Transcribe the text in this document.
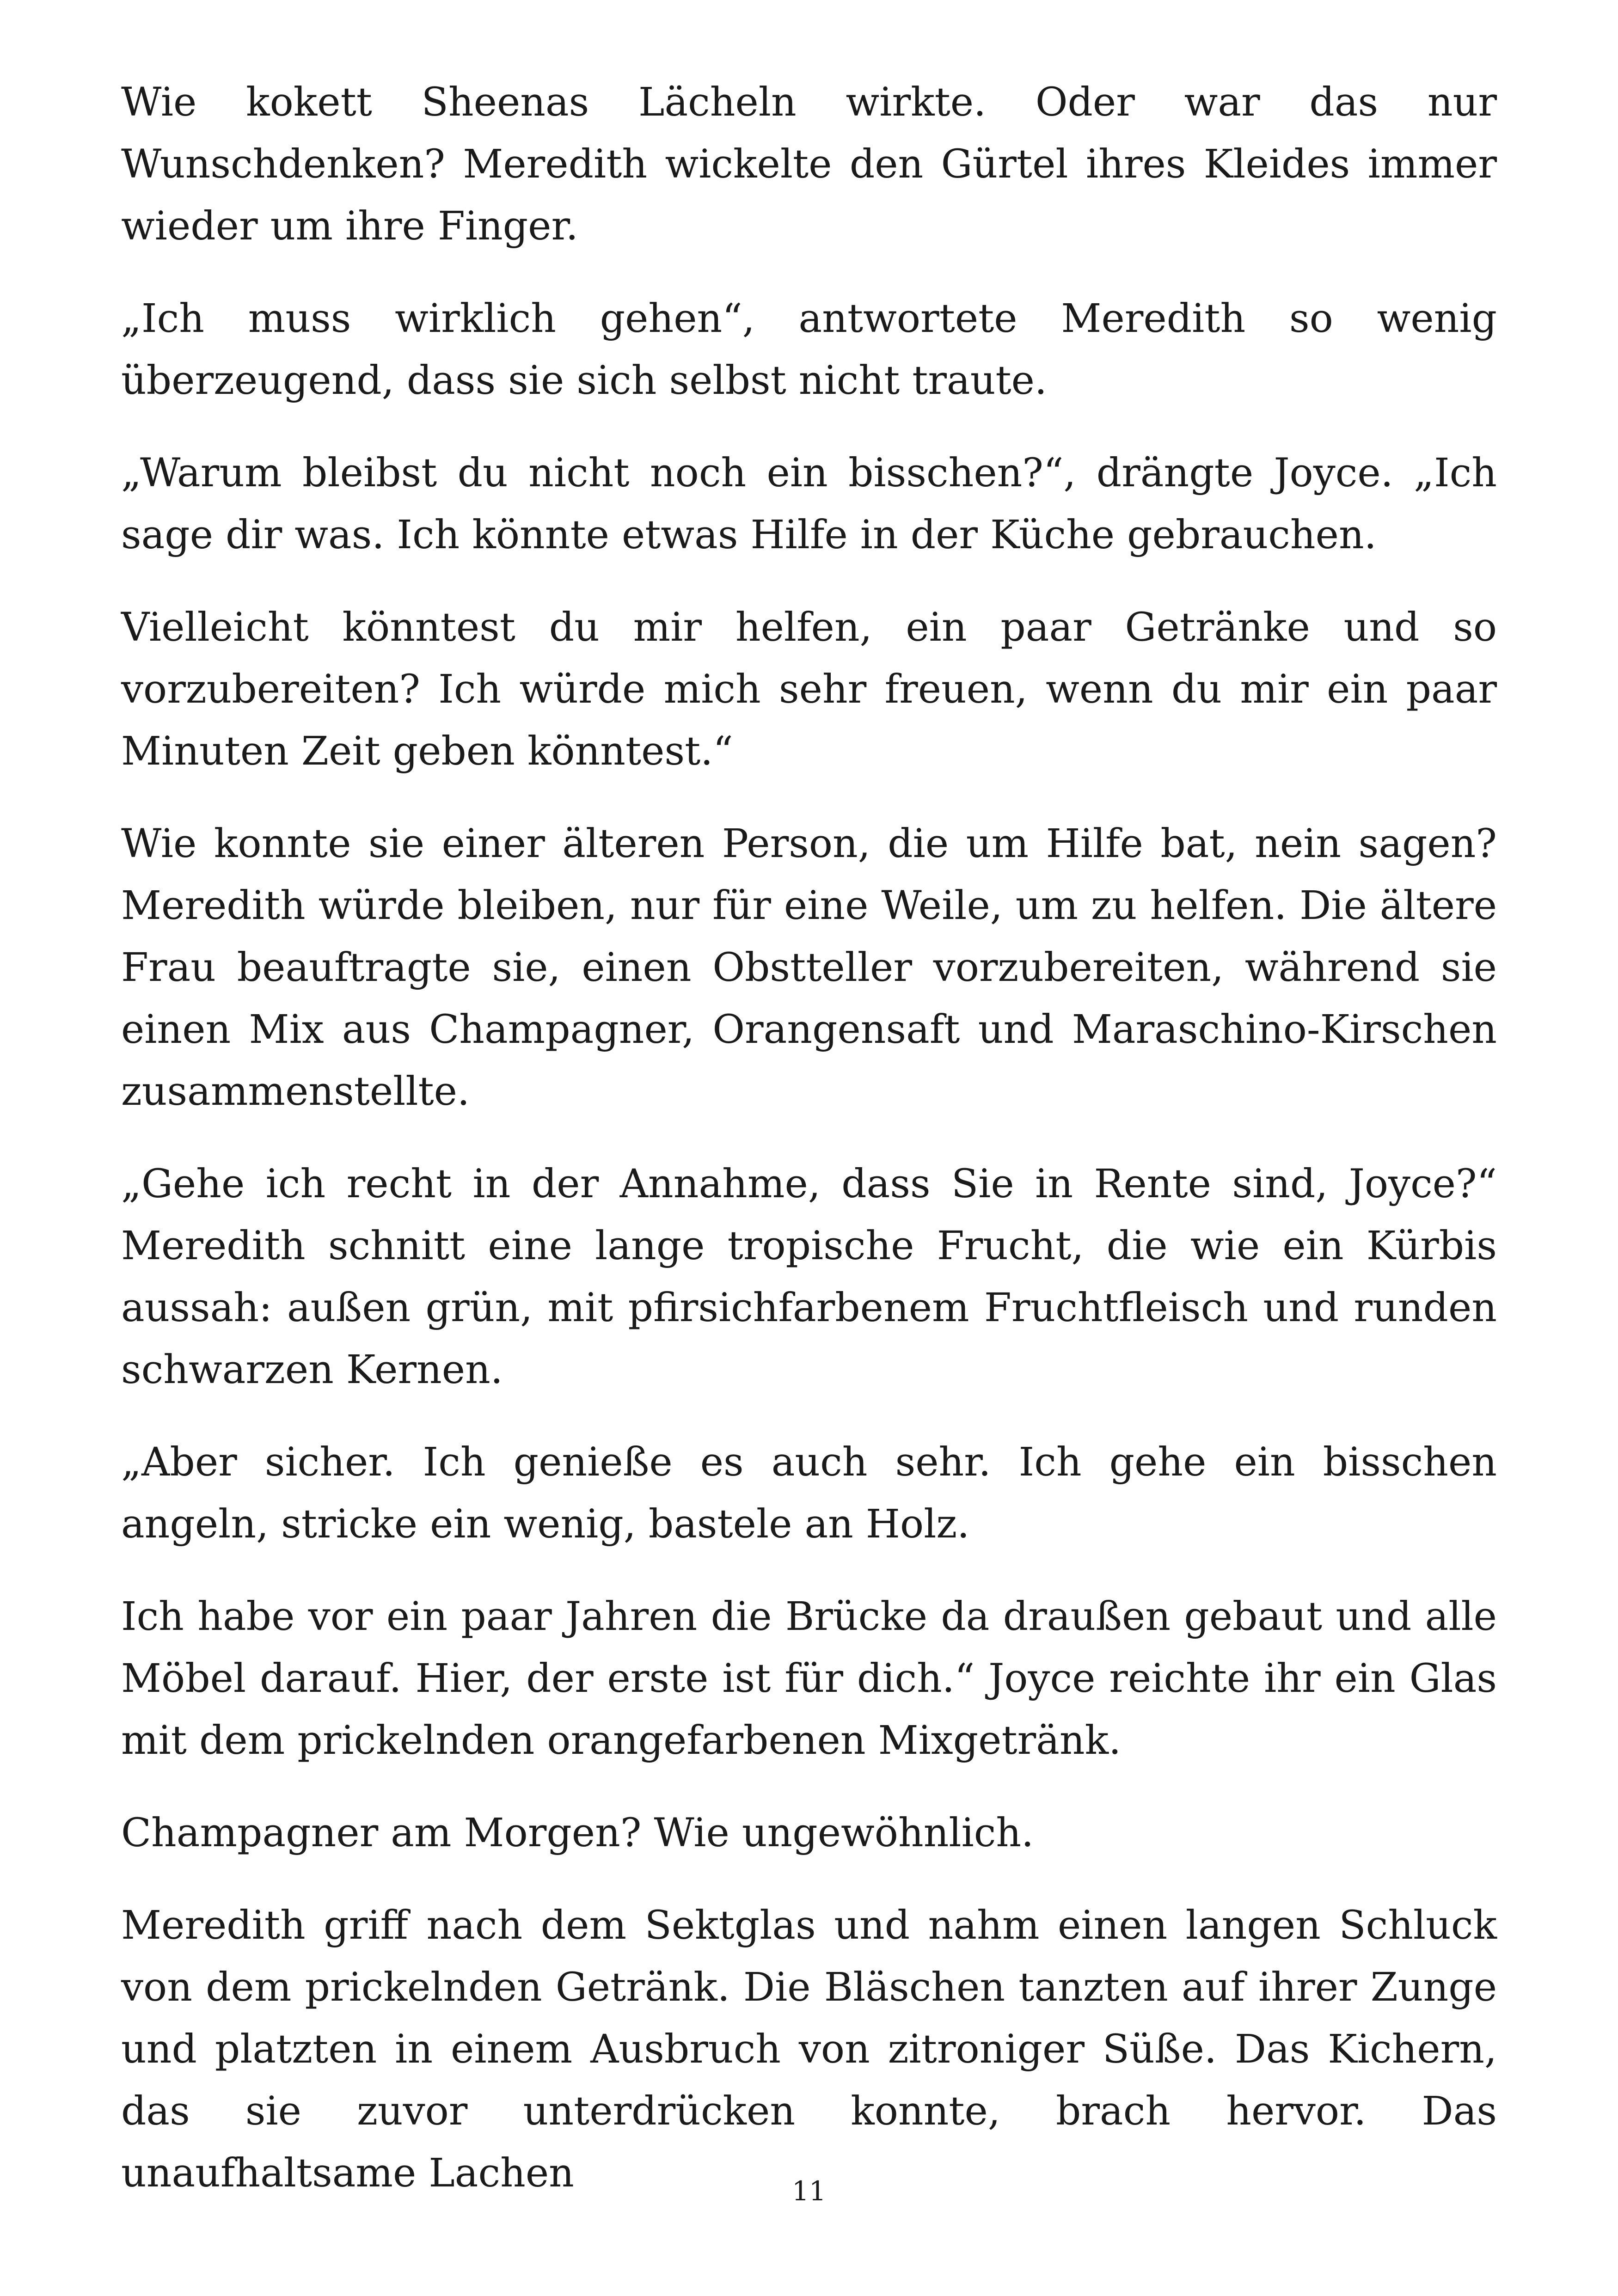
Wie kokett Sheenas Lächeln wirkte. Oder war das nur Wunschdenken? Meredith wickelte den Gürtel ihres Kleides immer wieder um ihre Finger.

„Ich muss wirklich gehen“, antwortete Meredith so wenig überzeugend, dass sie sich selbst nicht traute.

„Warum bleibst du nicht noch ein bisschen?“, drängte Joyce. „Ich sage dir was. Ich könnte etwas Hilfe in der Küche gebrauchen.

Vielleicht könntest du mir helfen, ein paar Getränke und so vorzubereiten? Ich würde mich sehr freuen, wenn du mir ein paar Minuten Zeit geben könntest.“

Wie konnte sie einer älteren Person, die um Hilfe bat, nein sagen? Meredith würde bleiben, nur für eine Weile, um zu helfen. Die ältere Frau beauftragte sie, einen Obstteller vorzubereiten, während sie einen Mix aus Champagner, Orangensaft und Maraschino-Kirschen zusammenstellte.

„Gehe ich recht in der Annahme, dass Sie in Rente sind, Joyce?“ Meredith schnitt eine lange tropische Frucht, die wie ein Kürbis aussah: außen grün, mit pfirsichfarbenem Fruchtfleisch und runden schwarzen Kernen.

„Aber sicher. Ich genieße es auch sehr. Ich gehe ein bisschen angeln, stricke ein wenig, bastele an Holz.

Ich habe vor ein paar Jahren die Brücke da draußen gebaut und alle Möbel darauf. Hier, der erste ist für dich.“ Joyce reichte ihr ein Glas mit dem prickelnden orangefarbenen Mixgetränk.

Champagner am Morgen? Wie ungewöhnlich.

Meredith griff nach dem Sektglas und nahm einen langen Schluck von dem prickelnden Getränk. Die Bläschen tanzten auf ihrer Zunge und platzten in einem Ausbruch von zitroniger Süße. Das Kichern, das sie zuvor unterdrücken konnte, brach hervor. Das unaufhaltsame Lachen	11
